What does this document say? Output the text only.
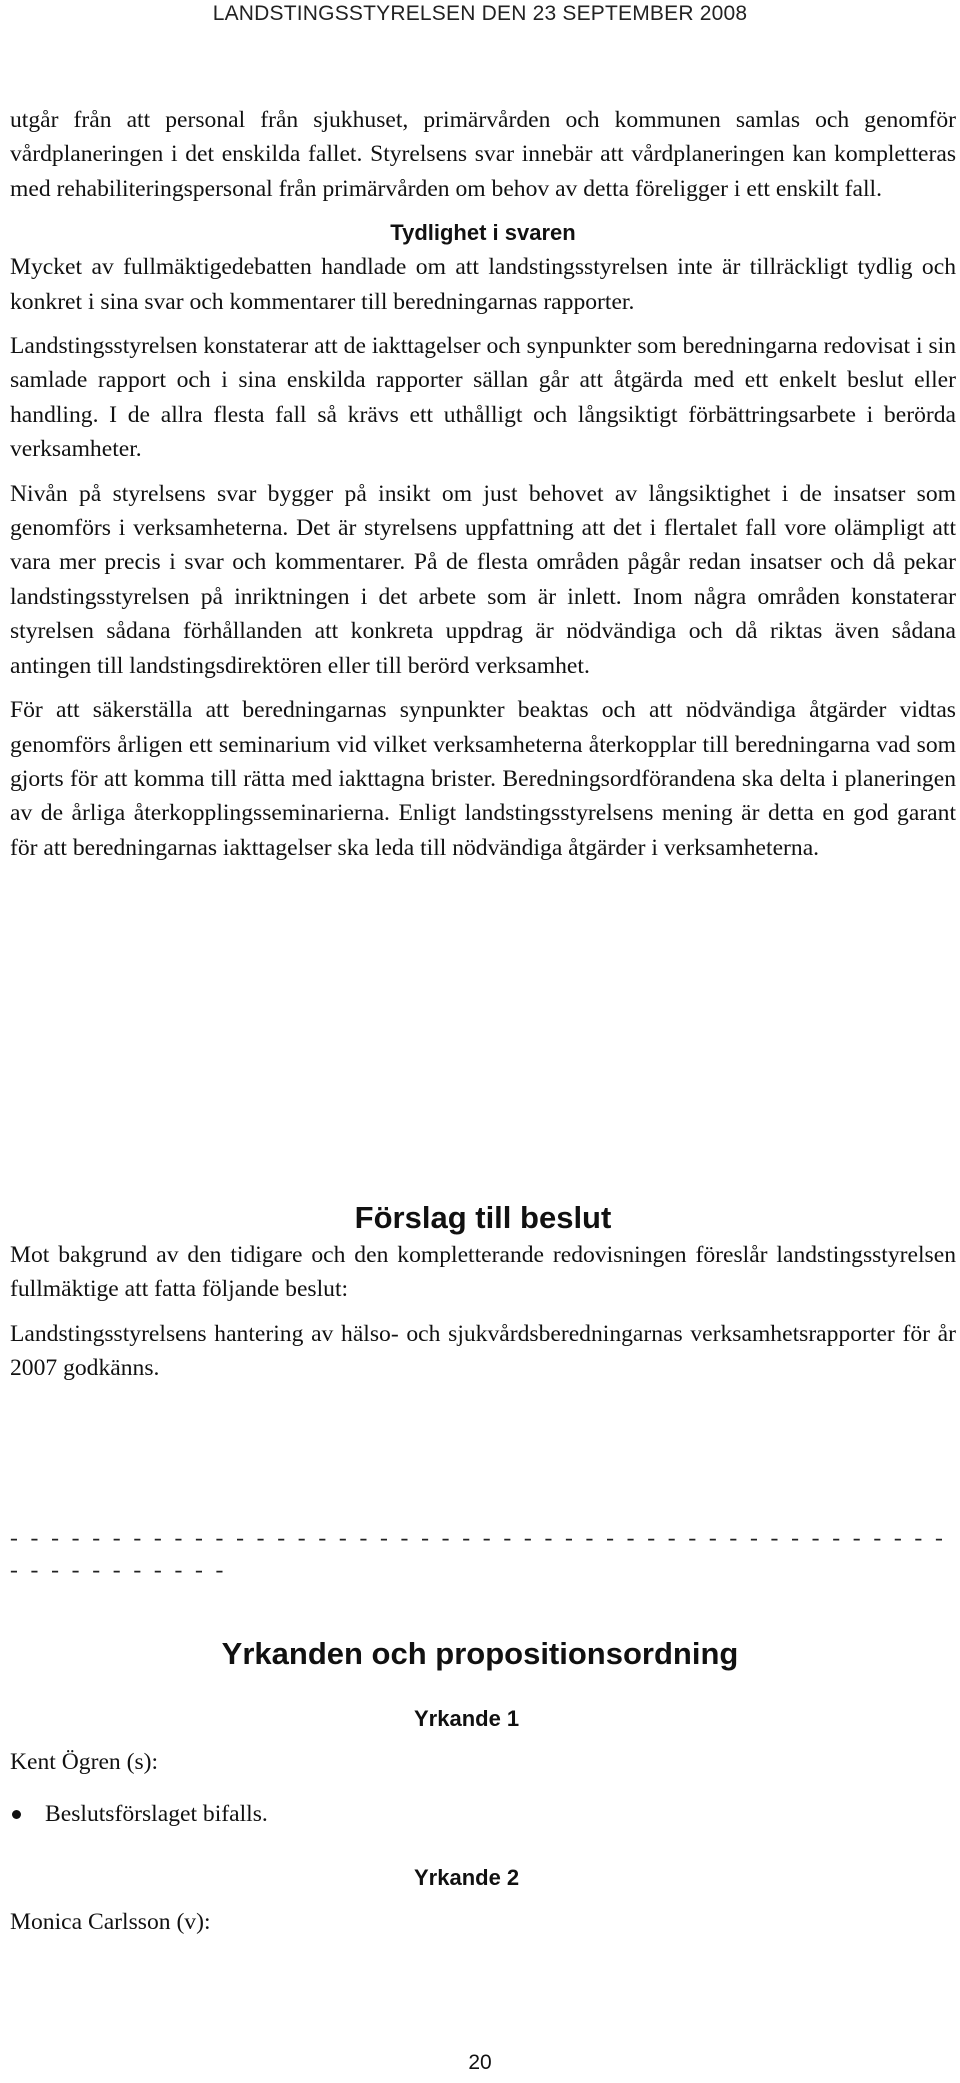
LANDSTINGSSTYRELSEN DEN 23 SEPTEMBER 2008

utgår från att personal från sjukhuset, primärvården och kommunen samlas och genomför vårdplaneringen i det enskilda fallet. Styrelsens svar innebär att vårdplaneringen kan kompletteras med rehabiliteringspersonal från primärvården om behov av detta föreligger i ett enskilt fall.

Tydlighet i svaren

Mycket av fullmäktigedebatten handlade om att landstingsstyrelsen inte är tillräckligt tydlig och konkret i sina svar och kommentarer till beredningarnas rapporter.

Landstingsstyrelsen konstaterar att de iakttagelser och synpunkter som beredningarna redovisat i sin samlade rapport och i sina enskilda rapporter sällan går att åtgärda med ett enkelt beslut eller handling. I de allra flesta fall så krävs ett uthålligt och långsiktigt förbättringsarbete i berörda verksamheter.

Nivån på styrelsens svar bygger på insikt om just behovet av långsiktighet i de insatser som genomförs i verksamheterna. Det är styrelsens uppfattning att det i flertalet fall vore olämpligt att vara mer precis i svar och kommentarer. På de flesta områden pågår redan insatser och då pekar landstingsstyrelsen på inriktningen i det arbete som är inlett. Inom några områden konstaterar styrelsen sådana förhållanden att konkreta uppdrag är nödvändiga och då riktas även sådana antingen till landstingsdirektören eller till berörd verksamhet.

För att säkerställa att beredningarnas synpunkter beaktas och att nödvändiga åtgärder vidtas genomförs årligen ett seminarium vid vilket verksamheterna återkopplar till beredningarna vad som gjorts för att komma till rätta med iakttagna brister. Beredningsordförandena ska delta i planeringen av de årliga återkopplingsseminarierna. Enligt landstingsstyrelsens mening är detta en god garant för att beredningarnas iakttagelser ska leda till nödvändiga åtgärder i verksamheterna.

Förslag till beslut

Mot bakgrund av den tidigare och den kompletterande redovisningen föreslår landstingsstyrelsen fullmäktige att fatta följande beslut:

Landstingsstyrelsens hantering av hälso- och sjukvårdsberedningarnas verksamhetsrapporter för år 2007 godkänns.

- - - - - - - - - - - - - - - - - - - - - - - - - - - - - - - - - - - - - - - - - - - - - - - - - - - - - - - - -
Yrkanden och propositionsordning
Yrkande 1
Kent Ögren (s):
Beslutsförslaget bifalls.
Yrkande 2
Monica Carlsson (v):
20
